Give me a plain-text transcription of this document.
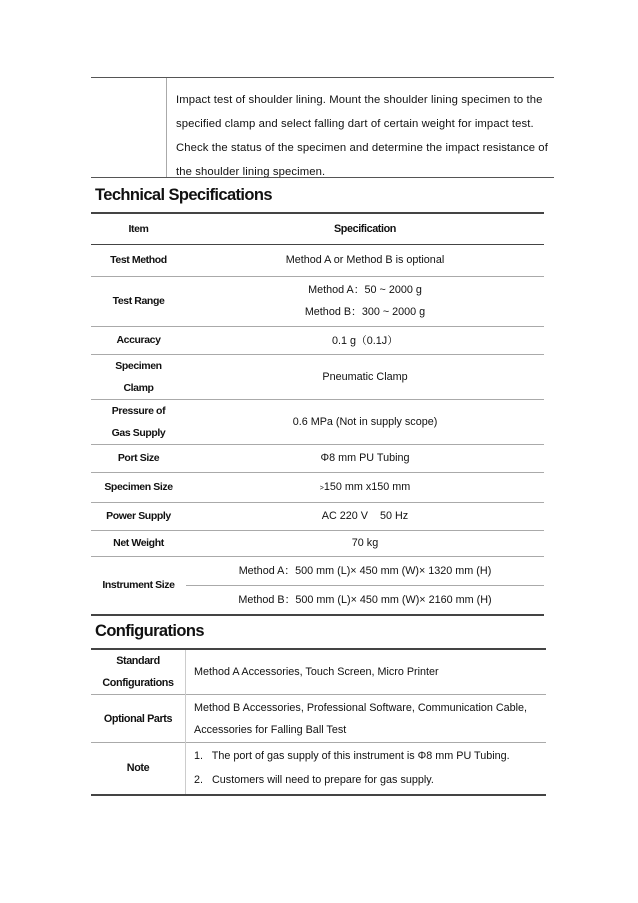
Impact test of shoulder lining. Mount the shoulder lining specimen to the
specified clamp and select falling dart of certain weight for impact test.
Check the status of the specimen and determine the impact resistance of
the shoulder lining specimen.
Technical Specifications
Item	Specification
Test Method	Method A or Method B is optional
Test Range	Method A：50 ~ 2000 g
Method B：300 ~ 2000 g

Accuracy	0.1 g（0.1J）

Specimen
Clamp	Pneumatic Clamp

Pressure of
Gas Supply	0.6 MPa (Not in supply scope)
Port Size	Φ8 mm PU Tubing
Specimen Size	>150 mm x150 mm
Power Supply	AC 220 V    50 Hz
Net Weight	70 kg
Instrument Size	Method A：500 mm (L)× 450 mm (W)× 1320 mm (H)
Method B：500 mm (L)× 450 mm (W)× 2160 mm (H)
Configurations
Standard
Configurations	Method A Accessories, Touch Screen, Micro Printer
Optional Parts	Method B Accessories, Professional Software, Communication Cable,
Accessories for Falling Ball Test

Note	1.   The port of gas supply of this instrument is Φ8 mm PU Tubing.
2.   Customers will need to prepare for gas supply.
